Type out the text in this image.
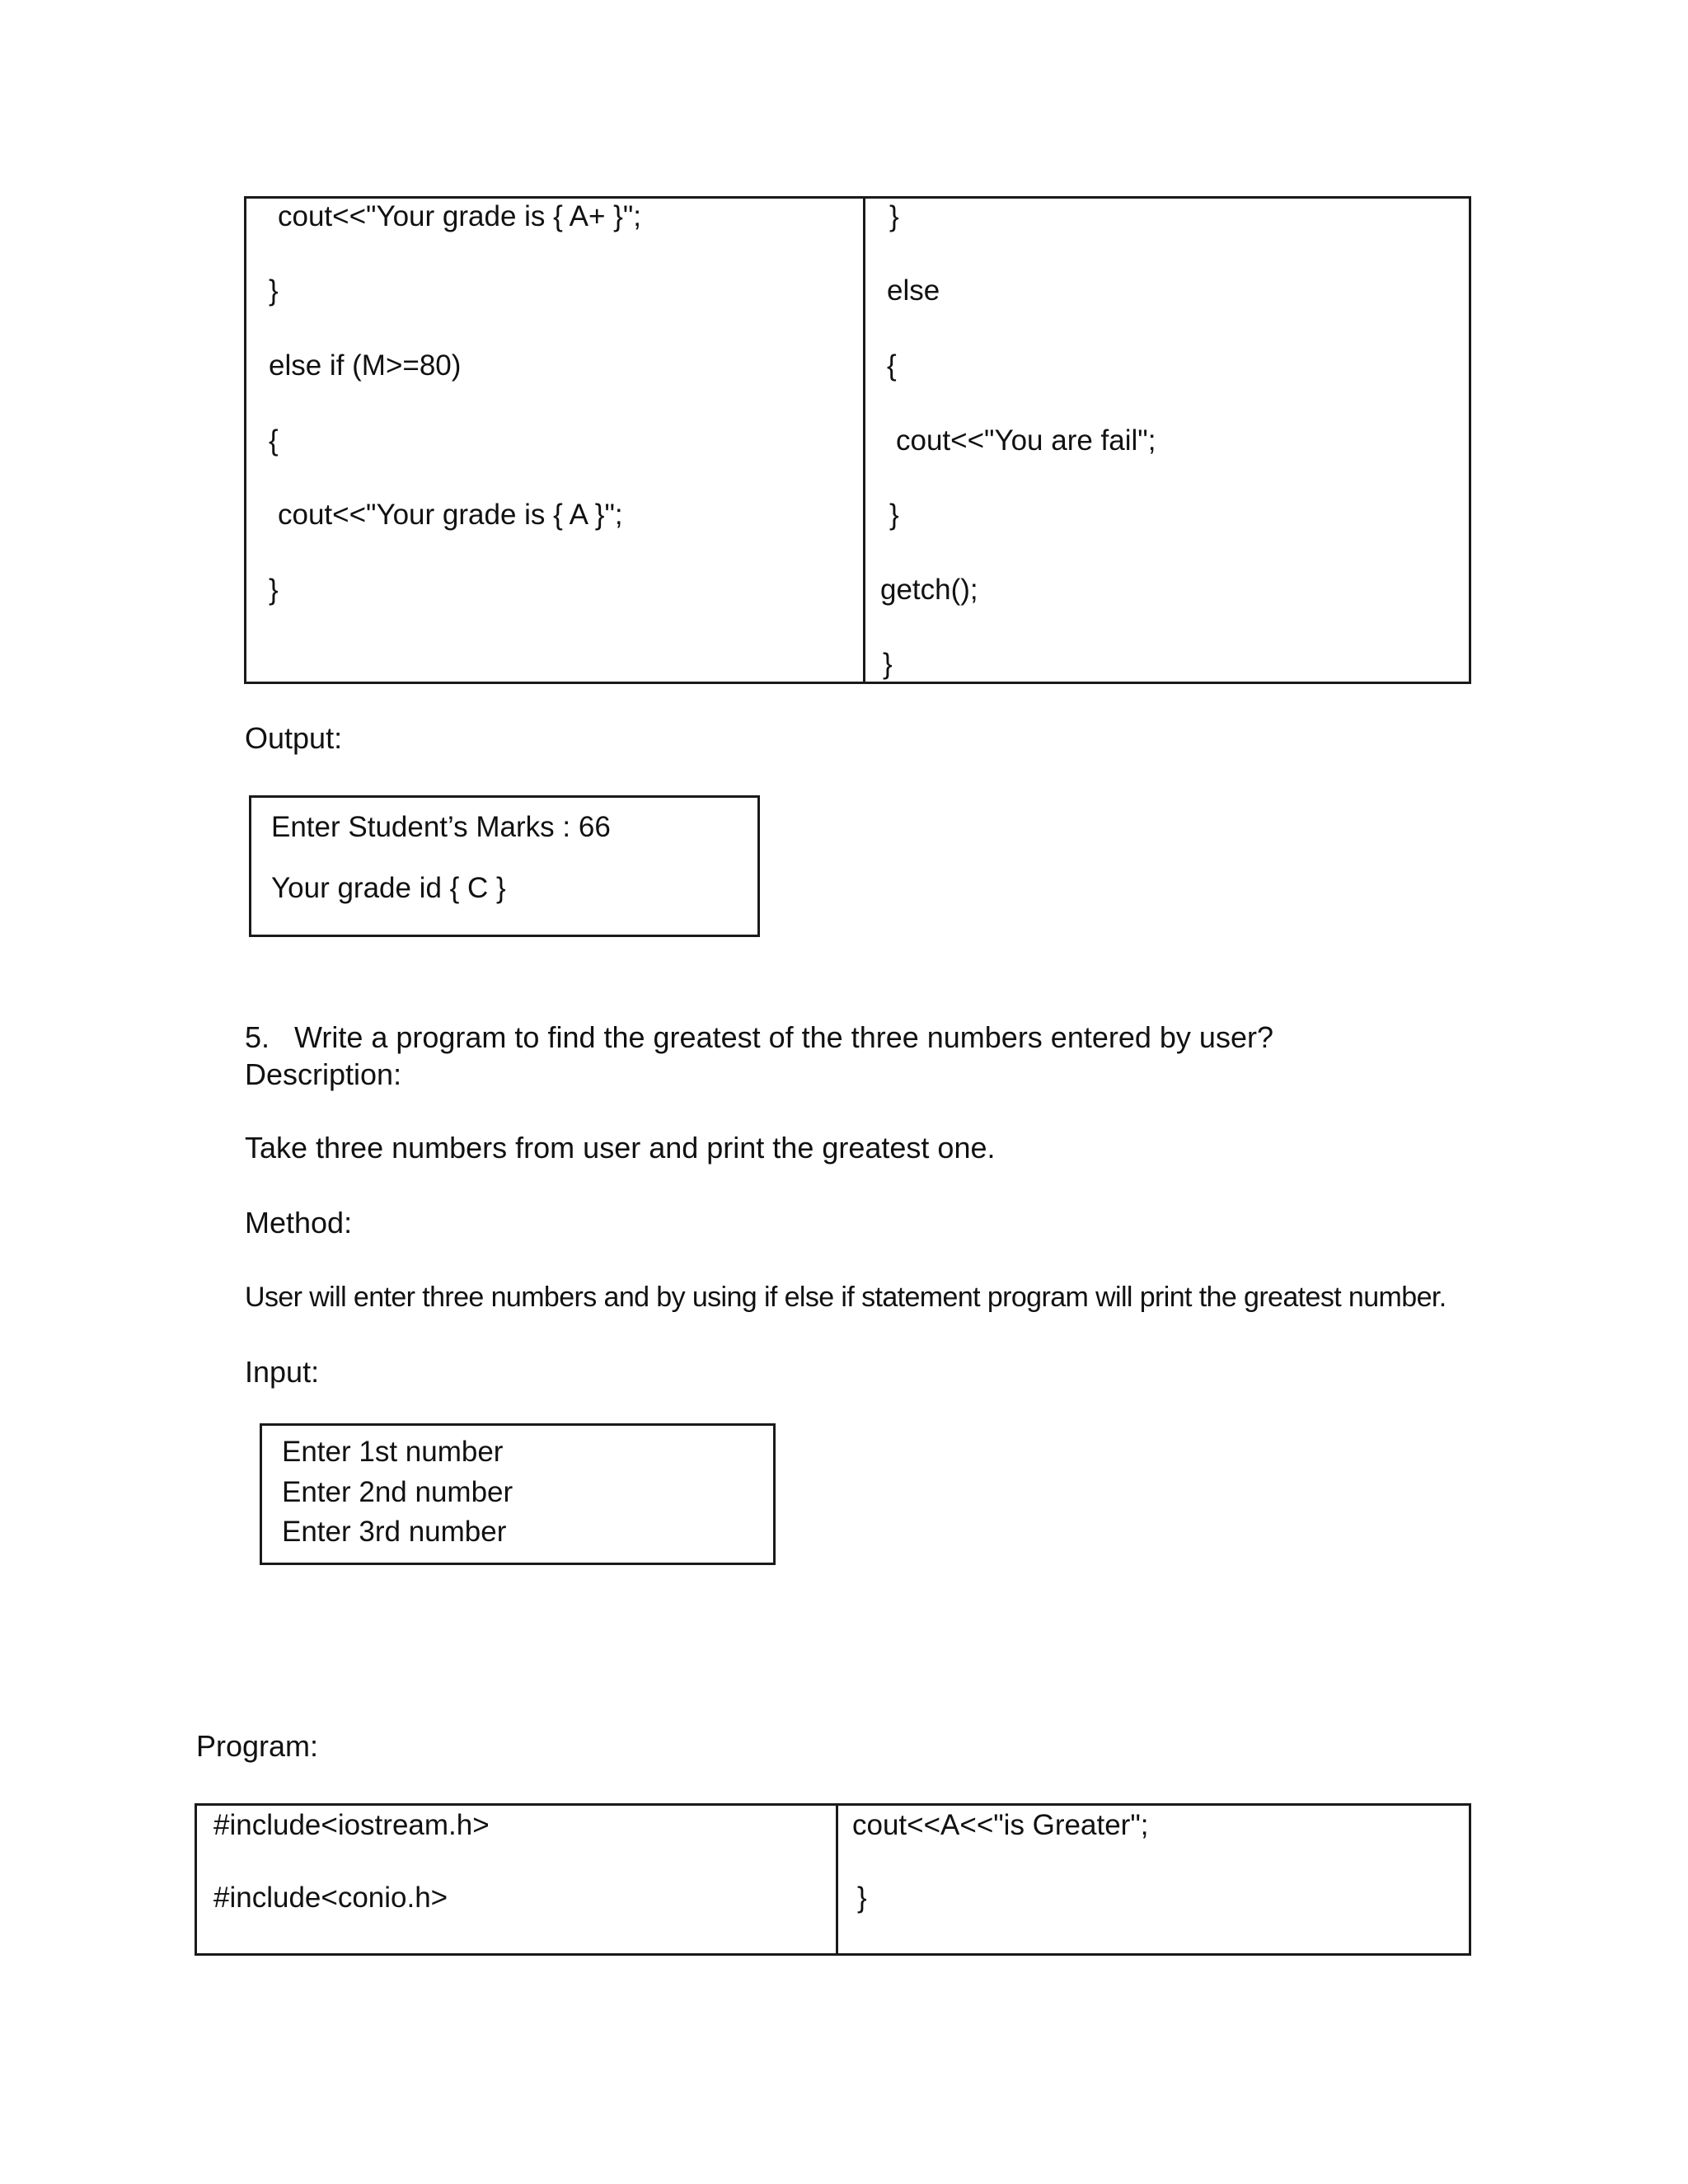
cout<<"Your grade is { A+ }";
}
else if (M>=80)
{
cout<<"Your grade is { A }";
}
}
else
{
cout<<"You are fail";
}
getch();
}
Output:
Enter Student’s Marks : 66
Your grade id { C }
5. Write a program to find the greatest of the three numbers entered by user?
Description:
Take three numbers from user and print the greatest one.
Method:
User will enter three numbers and by using if else if statement program will print the greatest number.
Input:
Enter 1st number
Enter 2nd number
Enter 3rd number
Program:
#include<iostream.h>
#include<conio.h>
cout<<A<<"is Greater";
}
